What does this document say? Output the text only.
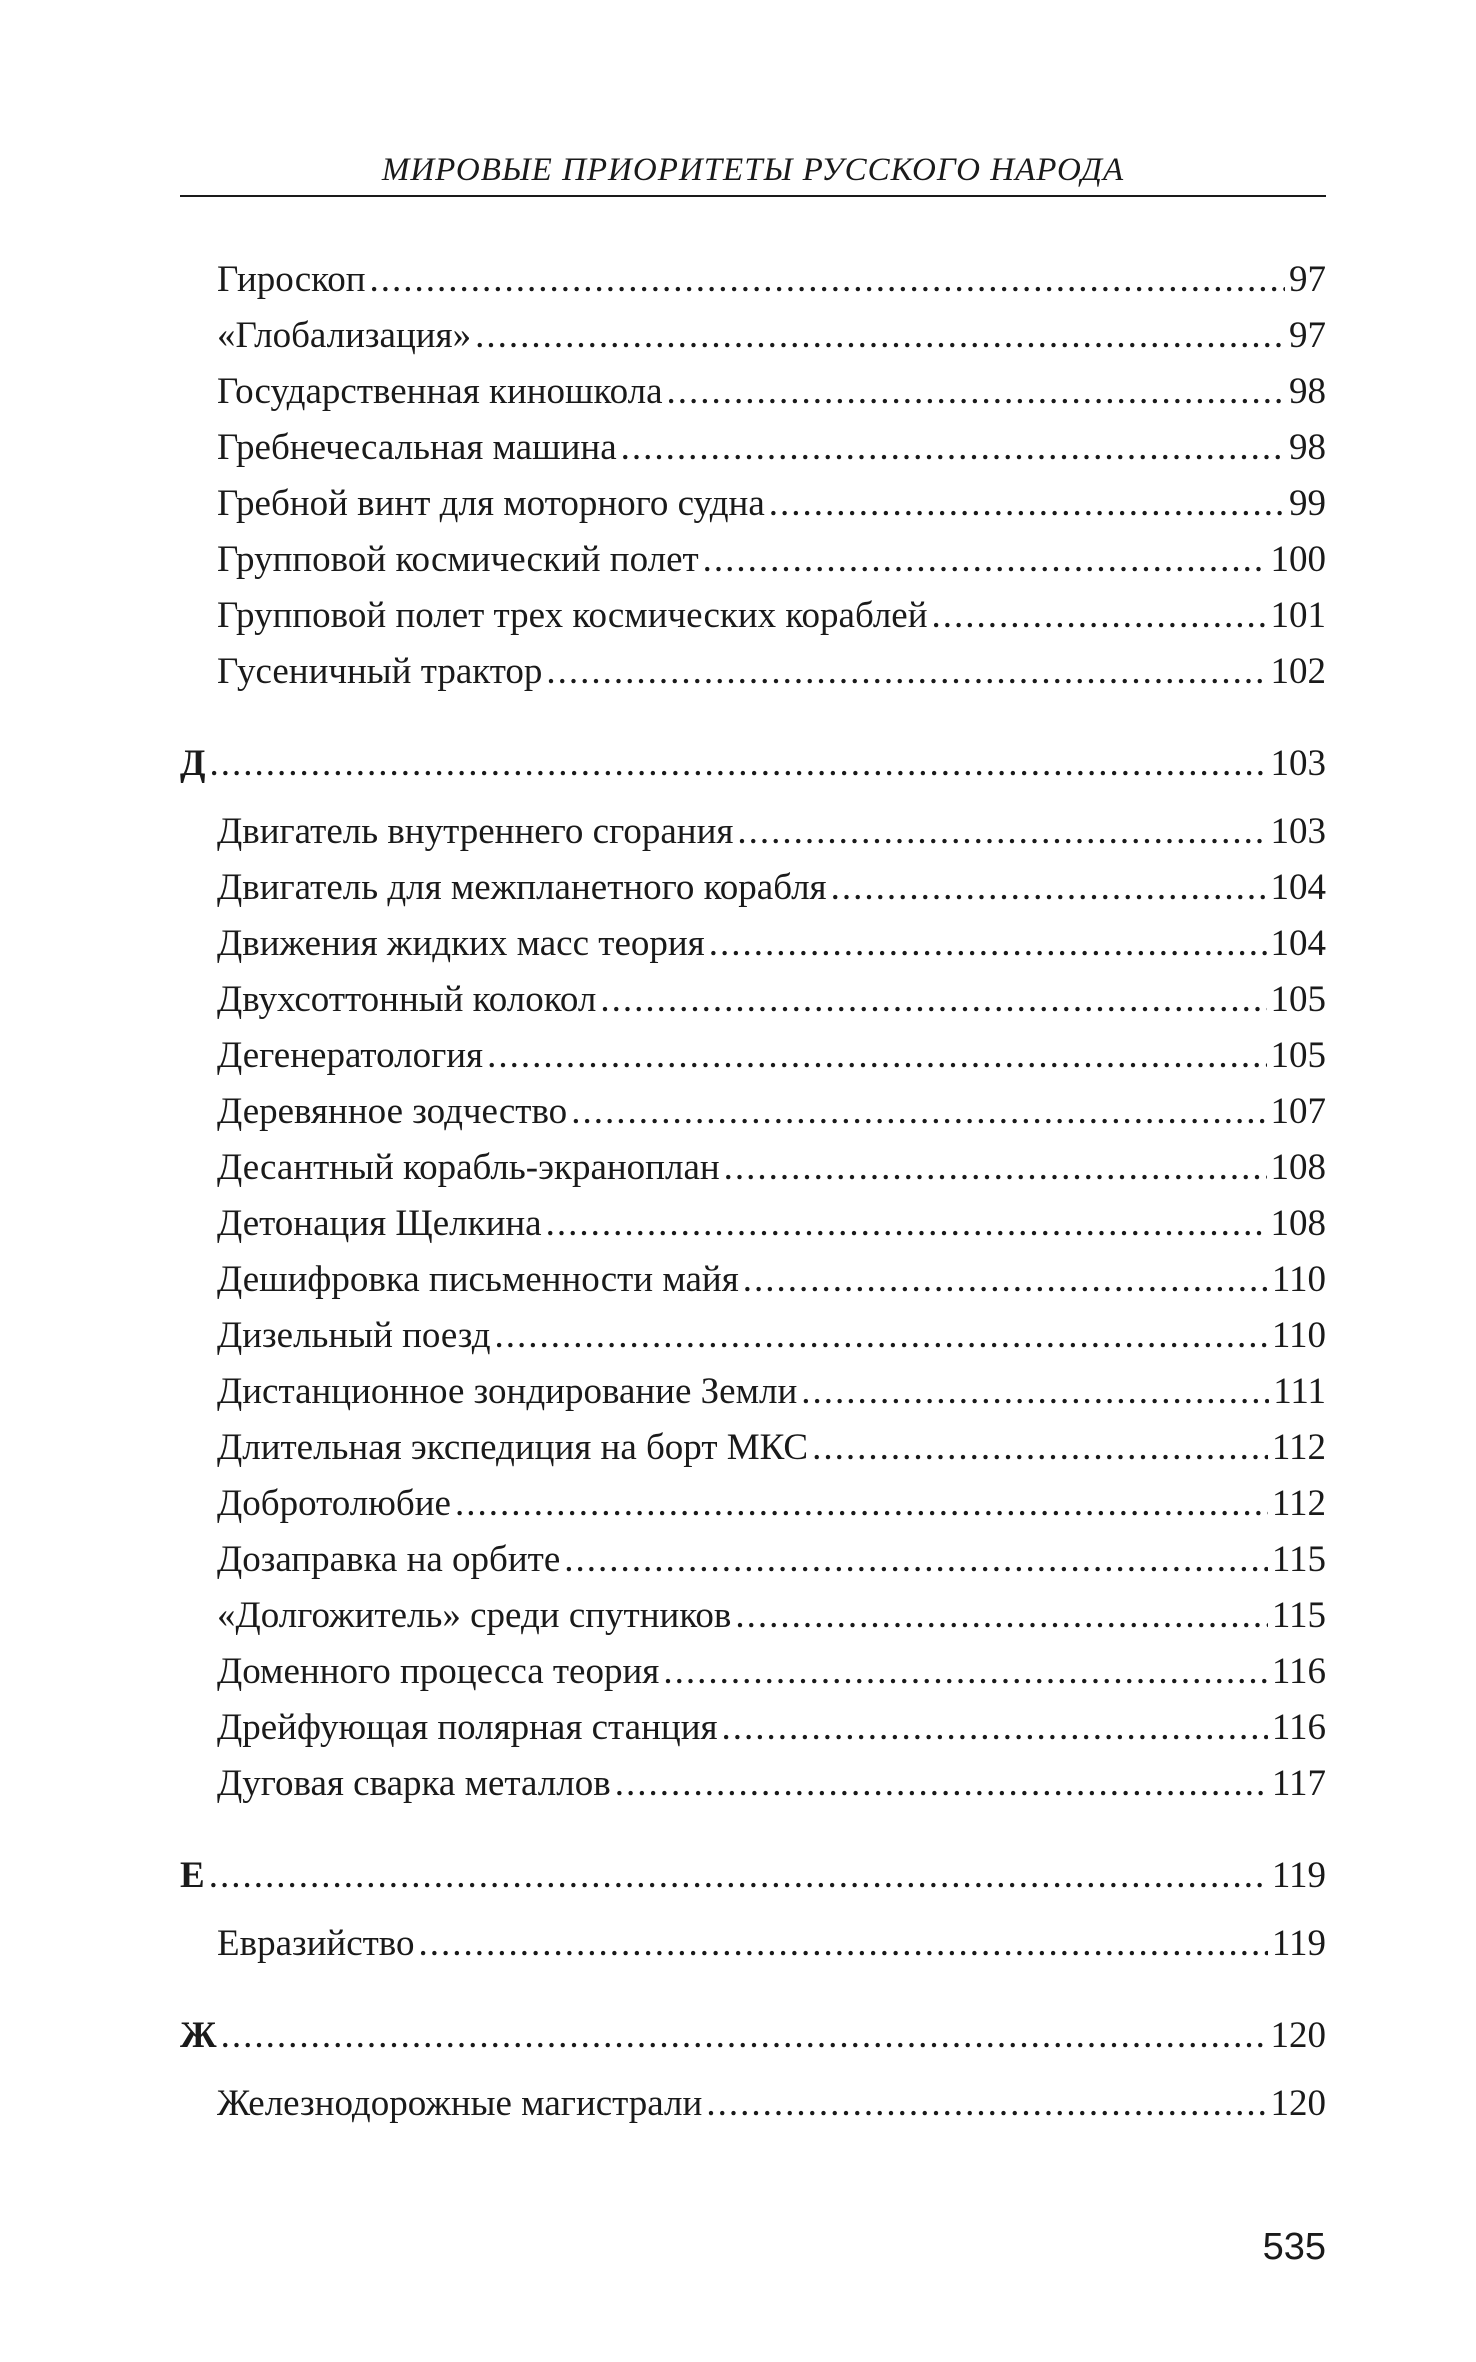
МИРОВЫЕ ПРИОРИТЕТЫ РУССКОГО НАРОДА
Гироскоп .....	97
«Глобализация» .....	97
Государственная киношкола .....	98
Гребнечесальная машина .....	98
Гребной винт для моторного судна .....	99
Групповой космический полет .....	100
Групповой полет трех космических кораблей .....	101
Гусеничный трактор .....	102
Д .....	103
Двигатель внутреннего сгорания .....	103
Двигатель для межпланетного корабля .....	104
Движения жидких масс теория .....	104
Двухсоттонный колокол .....	105
Дегенератология .....	105
Деревянное зодчество .....	107
Десантный корабль-экраноплан .....	108
Детонация Щелкина .....	108
Дешифровка письменности майя .....	110
Дизельный поезд .....	110
Дистанционное зондирование Земли .....	111
Длительная экспедиция на борт МКС .....	112
Добротолюбие .....	112
Дозаправка на орбите .....	115
«Долгожитель» среди спутников .....	115
Доменного процесса теория .....	116
Дрейфующая полярная станция .....	116
Дуговая сварка металлов .....	117
Е .....	119
Евразийство .....	119
Ж .....	120
Железнодорожные магистрали .....	120
535
